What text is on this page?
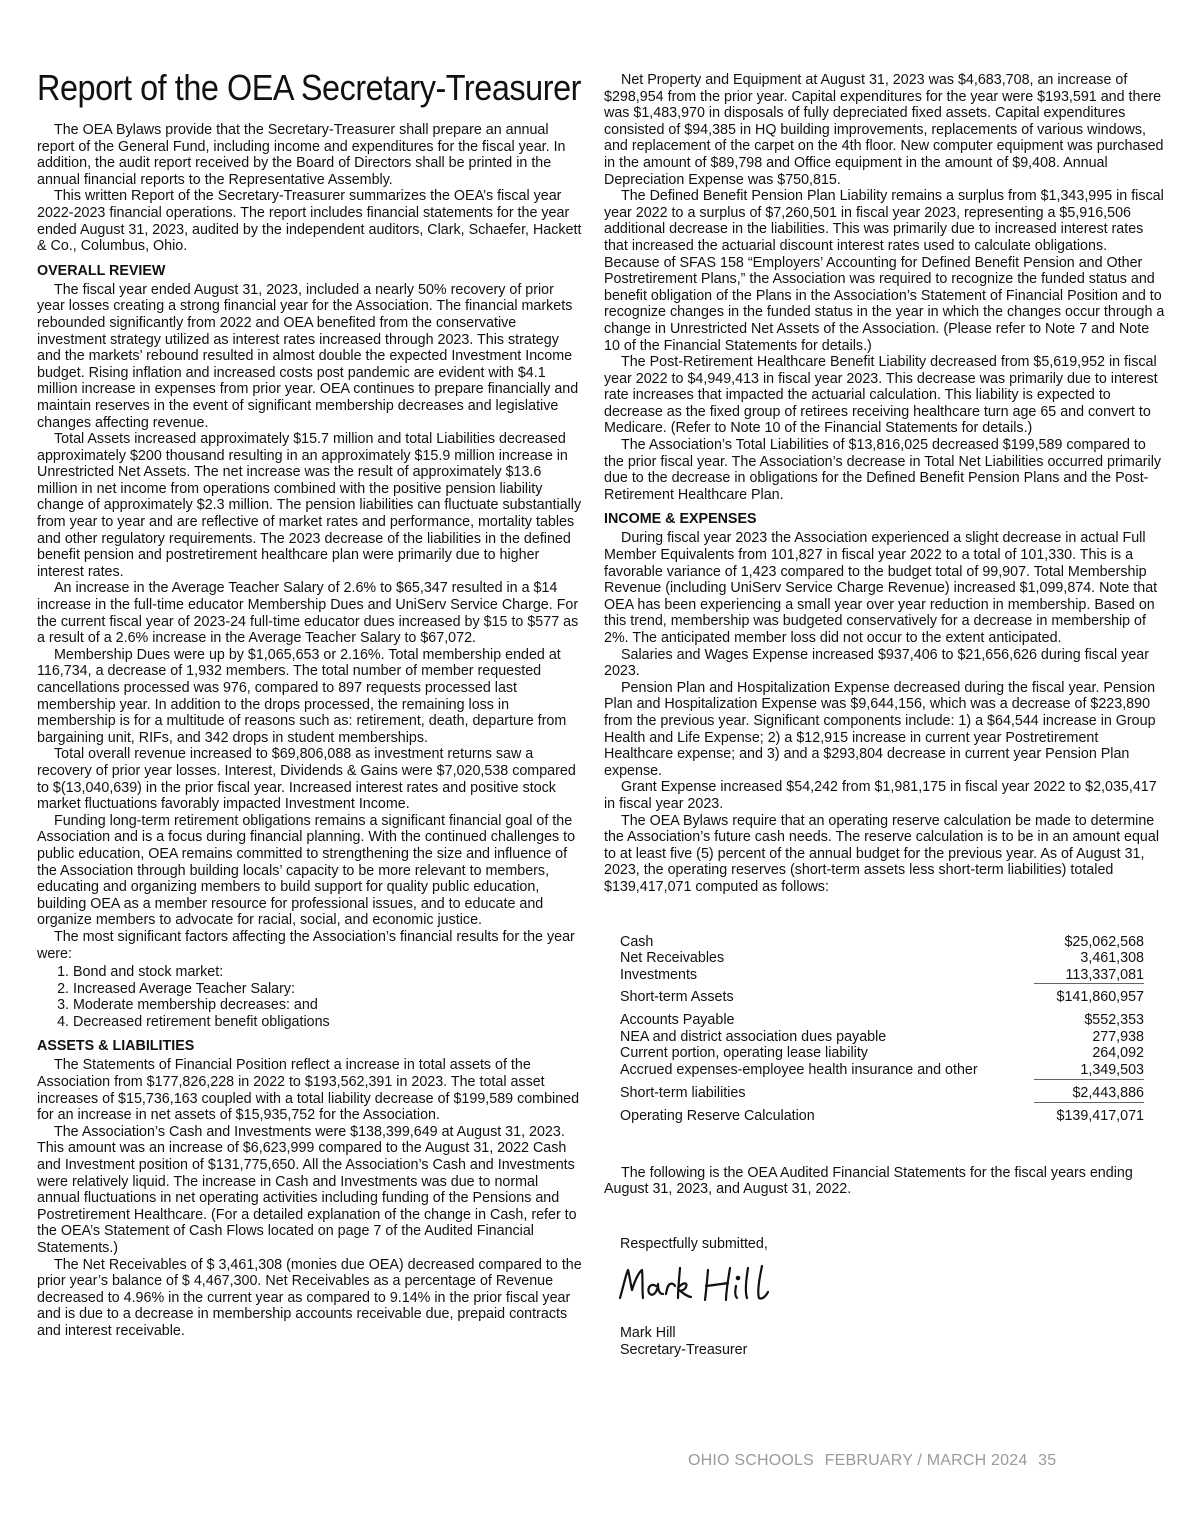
Report of the OEA Secretary-Treasurer

The OEA Bylaws provide that the Secretary-Treasurer shall prepare an annual report of the General Fund, including income and expenditures for the fiscal year. In addition, the audit report received by the Board of Directors shall be printed in the annual financial reports to the Representative Assembly.

This written Report of the Secretary-Treasurer summarizes the OEA’s fiscal year 2022-2023 financial operations. The report includes financial statements for the year ended August 31, 2023, audited by the independent auditors, Clark, Schaefer, Hackett & Co., Columbus, Ohio.

OVERALL REVIEW

The fiscal year ended August 31, 2023, included a nearly 50% recovery of prior year losses creating a strong financial year for the Association. The financial markets rebounded significantly from 2022 and OEA benefited from the conservative investment strategy utilized as interest rates increased through 2023. This strategy and the markets’ rebound resulted in almost double the expected Investment Income budget. Rising inflation and increased costs post pandemic are evident with $4.1 million increase in expenses from prior year. OEA continues to prepare financially and maintain reserves in the event of significant membership decreases and legislative changes affecting revenue.

Total Assets increased approximately $15.7 million and total Liabilities decreased approximately $200 thousand resulting in an approximately $15.9 million increase in Unrestricted Net Assets. The net increase was the result of approximately $13.6 million in net income from operations combined with the positive pension liability change of approximately $2.3 million. The pension liabilities can fluctuate substantially from year to year and are reflective of market rates and performance, mortality tables and other regulatory requirements. The 2023 decrease of the liabilities in the defined benefit pension and postretirement healthcare plan were primarily due to higher interest rates.

An increase in the Average Teacher Salary of 2.6% to $65,347 resulted in a $14 increase in the full-time educator Membership Dues and UniServ Service Charge. For the current fiscal year of 2023-24 full-time educator dues increased by $15 to $577 as a result of a 2.6% increase in the Average Teacher Salary to $67,072.

Membership Dues were up by $1,065,653 or 2.16%. Total membership ended at 116,734, a decrease of 1,932 members. The total number of member requested cancellations processed was 976, compared to 897 requests processed last membership year. In addition to the drops processed, the remaining loss in membership is for a multitude of reasons such as: retirement, death, departure from bargaining unit, RIFs, and 342 drops in student memberships.

Total overall revenue increased to $69,806,088 as investment returns saw a recovery of prior year losses. Interest, Dividends & Gains were $7,020,538 compared to $(13,040,639) in the prior fiscal year. Increased interest rates and positive stock market fluctuations favorably impacted Investment Income.

Funding long-term retirement obligations remains a significant financial goal of the Association and is a focus during financial planning. With the continued challenges to public education, OEA remains committed to strengthening the size and influence of the Association through building locals’ capacity to be more relevant to members, educating and organizing members to build support for quality public education, building OEA as a member resource for professional issues, and to educate and organize members to advocate for racial, social, and economic justice.

The most significant factors affecting the Association’s financial results for the year were:

1. Bond and stock market:
2. Increased Average Teacher Salary:
3. Moderate membership decreases: and
4. Decreased retirement benefit obligations
ASSETS & LIABILITIES

The Statements of Financial Position reflect a increase in total assets of the Association from $177,826,228 in 2022 to $193,562,391 in 2023. The total asset increases of $15,736,163 coupled with a total liability decrease of $199,589 combined for an increase in net assets of $15,935,752 for the Association.

The Association’s Cash and Investments were $138,399,649 at August 31, 2023. This amount was an increase of $6,623,999 compared to the August 31, 2022 Cash and Investment position of $131,775,650. All the Association’s Cash and Investments were relatively liquid. The increase in Cash and Investments was due to normal annual fluctuations in net operating activities including funding of the Pensions and Postretirement Healthcare. (For a detailed explanation of the change in Cash, refer to the OEA’s Statement of Cash Flows located on page 7 of the Audited Financial Statements.)

The Net Receivables of $ 3,461,308 (monies due OEA) decreased compared to the prior year’s balance of $ 4,467,300. Net Receivables as a percentage of Revenue decreased to 4.96% in the current year as compared to 9.14% in the prior fiscal year and is due to a decrease in membership accounts receivable due, prepaid contracts and interest receivable.

Net Property and Equipment at August 31, 2023 was $4,683,708, an increase of $298,954 from the prior year. Capital expenditures for the year were $193,591 and there was $1,483,970 in disposals of fully depreciated fixed assets. Capital expenditures consisted of $94,385 in HQ building improvements, replacements of various windows, and replacement of the carpet on the 4th floor. New computer equipment was purchased in the amount of $89,798 and Office equipment in the amount of $9,408. Annual Depreciation Expense was $750,815.

The Defined Benefit Pension Plan Liability remains a surplus from $1,343,995 in fiscal year 2022 to a surplus of $7,260,501 in fiscal year 2023, representing a $5,916,506 additional decrease in the liabilities. This was primarily due to increased interest rates that increased the actuarial discount interest rates used to calculate obligations. Because of SFAS 158 “Employers’ Accounting for Defined Benefit Pension and Other Postretirement Plans,” the Association was required to recognize the funded status and benefit obligation of the Plans in the Association’s Statement of Financial Position and to recognize changes in the funded status in the year in which the changes occur through a change in Unrestricted Net Assets of the Association. (Please refer to Note 7 and Note 10 of the Financial Statements for details.)

The Post-Retirement Healthcare Benefit Liability decreased from $5,619,952 in fiscal year 2022 to $4,949,413 in fiscal year 2023. This decrease was primarily due to interest rate increases that impacted the actuarial calculation. This liability is expected to decrease as the fixed group of retirees receiving healthcare turn age 65 and convert to Medicare. (Refer to Note 10 of the Financial Statements for details.)

The Association’s Total Liabilities of $13,816,025 decreased $199,589 compared to the prior fiscal year. The Association’s decrease in Total Net Liabilities occurred primarily due to the decrease in obligations for the Defined Benefit Pension Plans and the Post-Retirement Healthcare Plan.

INCOME & EXPENSES

During fiscal year 2023 the Association experienced a slight decrease in actual Full Member Equivalents from 101,827 in fiscal year 2022 to a total of 101,330. This is a favorable variance of 1,423 compared to the budget total of 99,907. Total Membership Revenue (including UniServ Service Charge Revenue) increased $1,099,874. Note that OEA has been experiencing a small year over year reduction in membership. Based on this trend, membership was budgeted conservatively for a decrease in membership of 2%. The anticipated member loss did not occur to the extent anticipated.

Salaries and Wages Expense increased $937,406 to $21,656,626 during fiscal year 2023.

Pension Plan and Hospitalization Expense decreased during the fiscal year. Pension Plan and Hospitalization Expense was $9,644,156, which was a decrease of $223,890 from the previous year. Significant components include: 1) a $64,544 increase in Group Health and Life Expense; 2) a $12,915 increase in current year Postretirement Healthcare expense; and 3) and a $293,804 decrease in current year Pension Plan expense.

Grant Expense increased $54,242 from $1,981,175 in fiscal year 2022 to $2,035,417 in fiscal year 2023.

The OEA Bylaws require that an operating reserve calculation be made to determine the Association’s future cash needs. The reserve calculation is to be in an amount equal to at least five (5) percent of the annual budget for the previous year. As of August 31, 2023, the operating reserves (short-term assets less short-term liabilities) totaled $139,417,071 computed as follows:

Cash	$25,062,568
Net Receivables	3,461,308
Investments	113,337,081
Short-term Assets	$141,860,957
Accounts Payable	$552,353
NEA and district association dues payable	277,938
Current portion, operating lease liability	264,092
Accrued expenses-employee health insurance and other	1,349,503
Short-term liabilities	$2,443,886
Operating Reserve Calculation	$139,417,071

The following is the OEA Audited Financial Statements for the fiscal years ending August 31, 2023, and August 31, 2022.

Respectfully submitted,
Mark Hill
Secretary-Treasurer
OHIO SCHOOLS FEBRUARY / MARCH 2024 35
